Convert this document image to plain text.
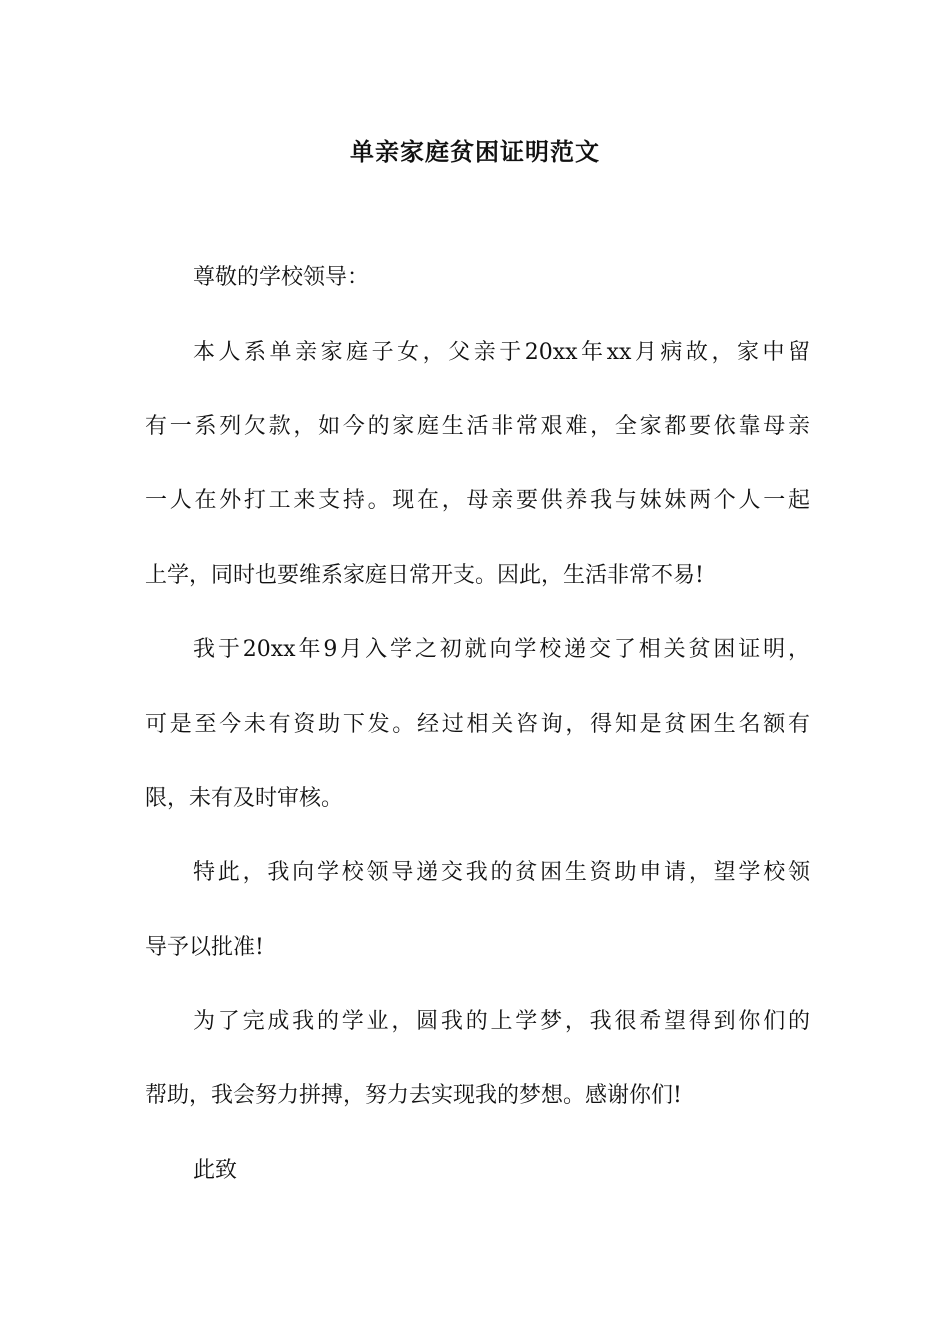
单亲家庭贫困证明范文
尊敬的学校领导：
本人系单亲家庭子女，父亲于20xx年xx月病故，家中留
有一系列欠款，如今的家庭生活非常艰难，全家都要依靠母亲
一人在外打工来支持。现在，母亲要供养我与妹妹两个人一起
上学，同时也要维系家庭日常开支。因此，生活非常不易!
我于20xx年9月入学之初就向学校递交了相关贫困证明，
可是至今未有资助下发。经过相关咨询，得知是贫困生名额有
限，未有及时审核。
特此，我向学校领导递交我的贫困生资助申请，望学校领
导予以批准!
为了完成我的学业，圆我的上学梦，我很希望得到你们的
帮助，我会努力拼搏，努力去实现我的梦想。感谢你们!
此致
